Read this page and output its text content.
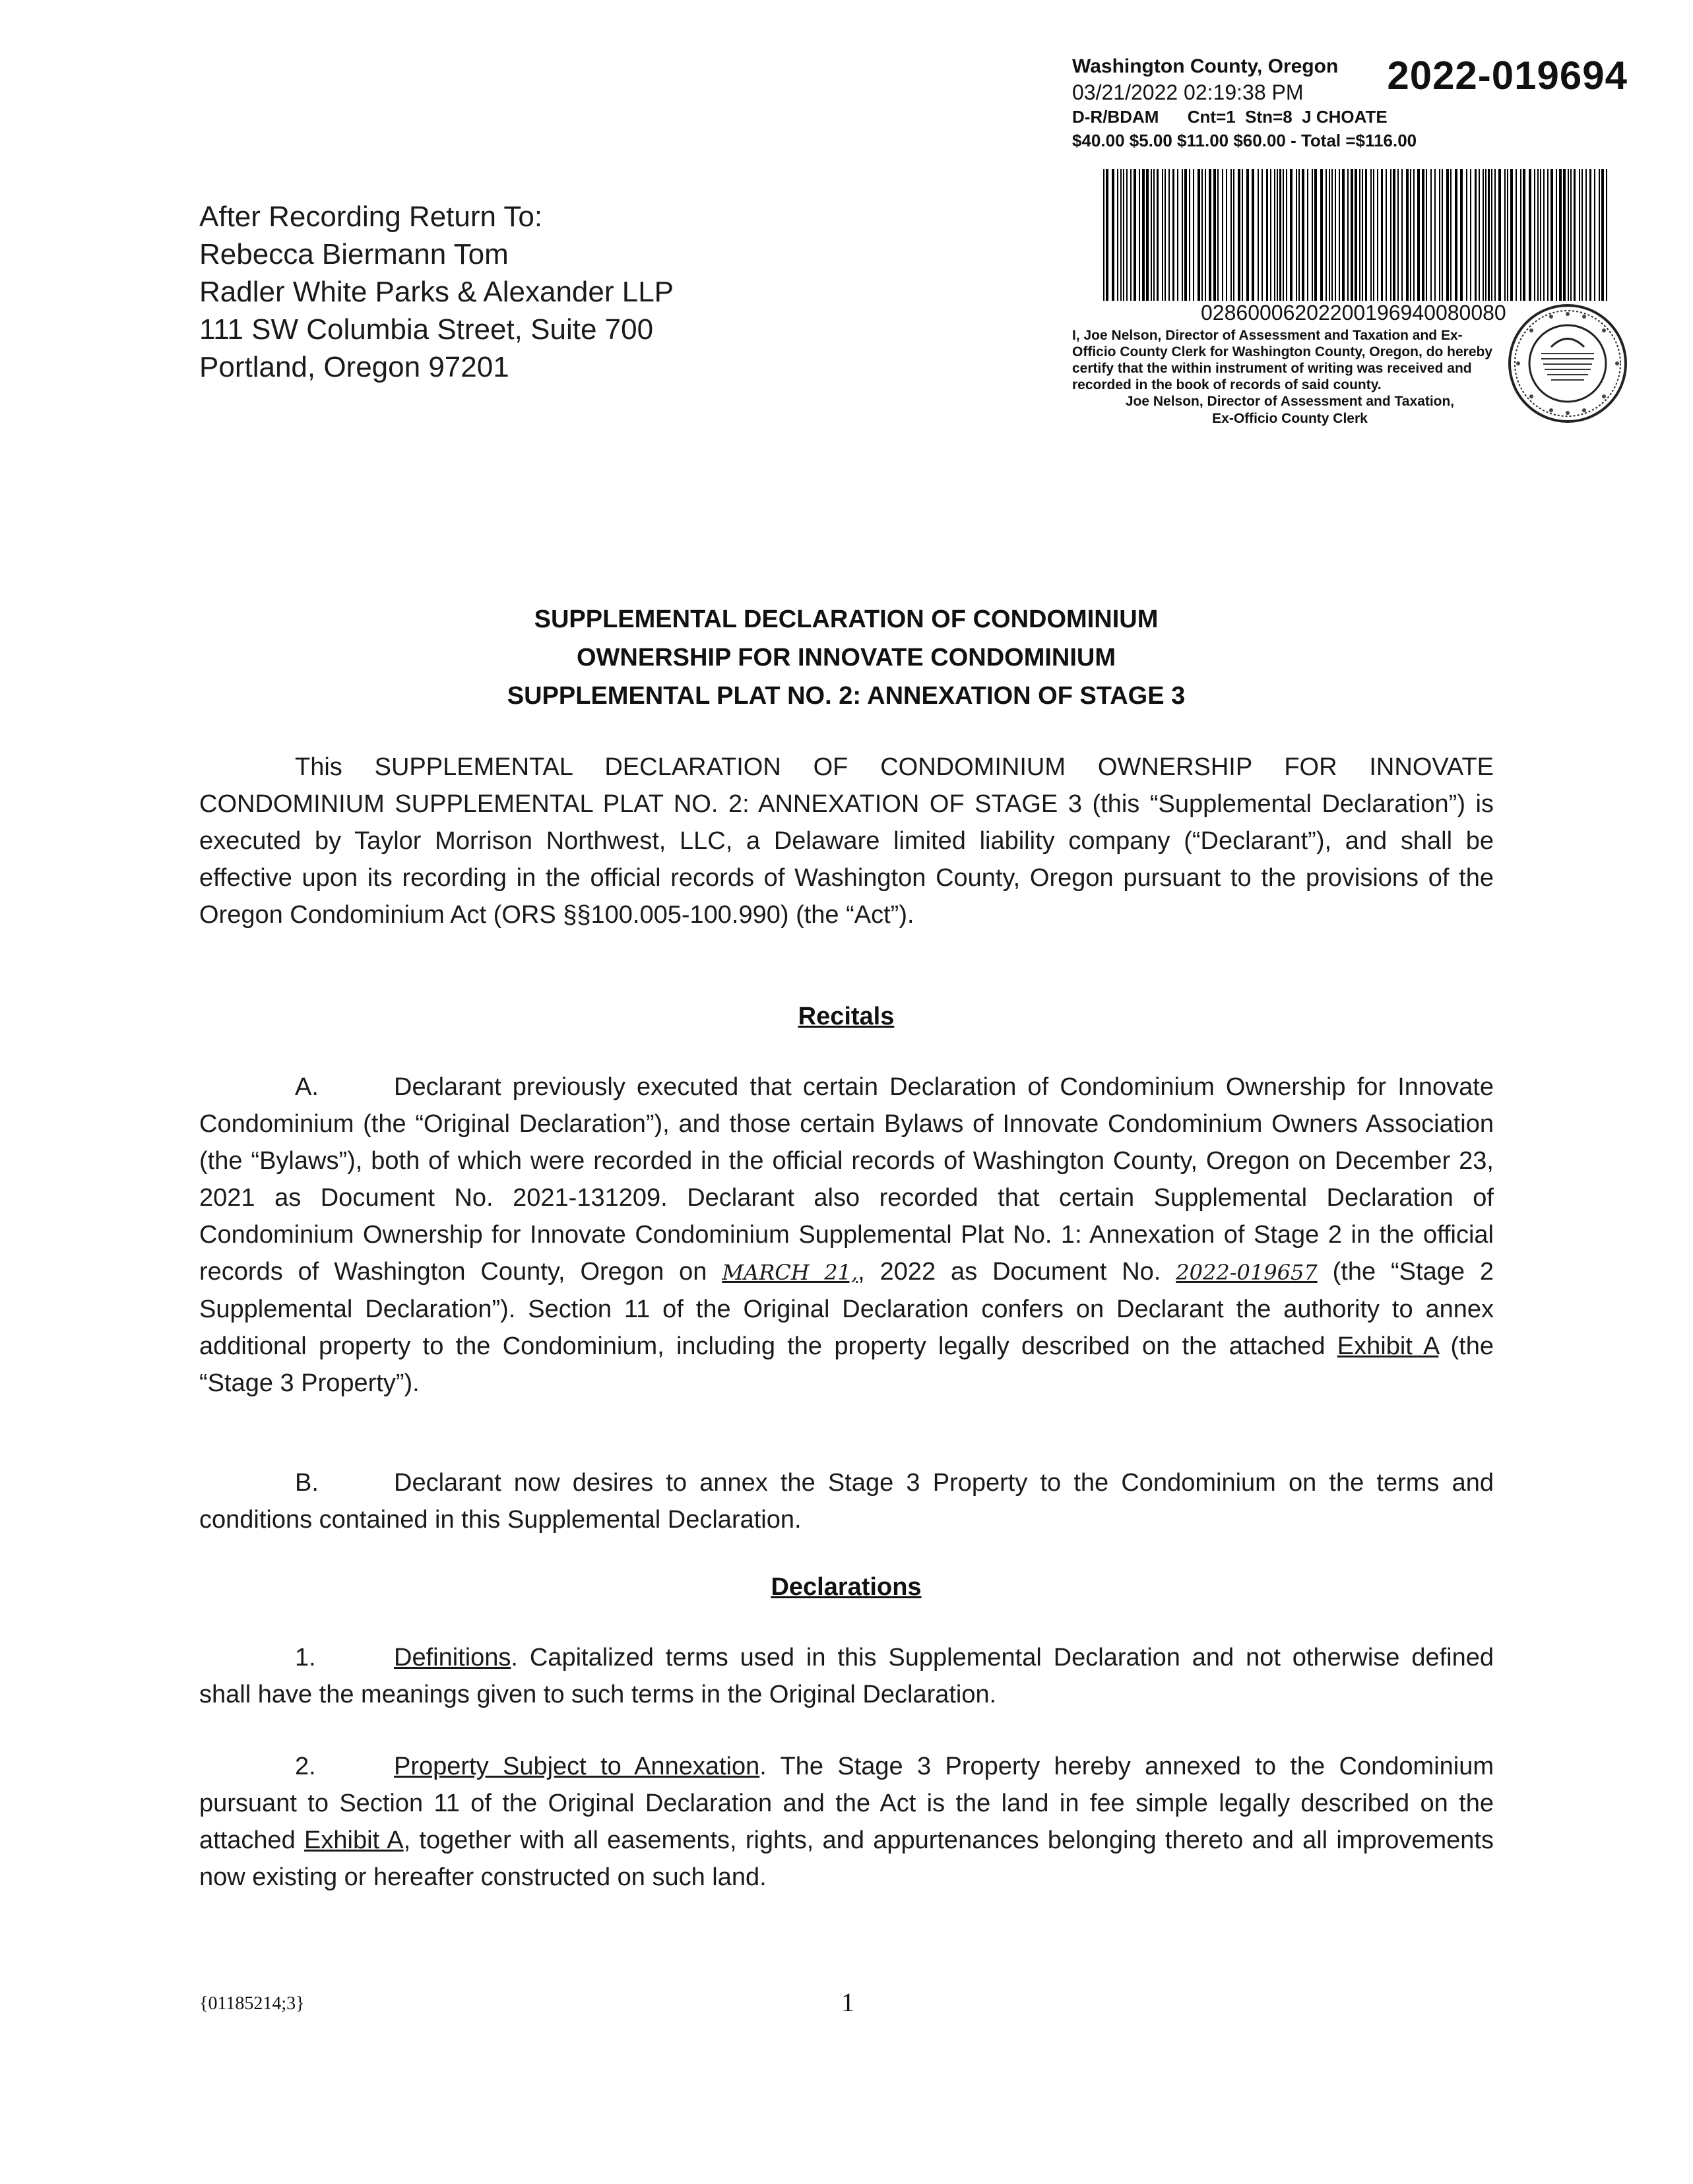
Washington County, Oregon 2022-019694
03/21/2022 02:19:38 PM
D-R/BDAM      Cnt=1  Stn=8  J CHOATE
$40.00 $5.00 $11.00 $60.00 - Total =$116.00
02860006202200196940080080
I, Joe Nelson, Director of Assessment and Taxation and Ex-Officio County Clerk for Washington County, Oregon, do hereby certify that the within instrument of writing was received and recorded in the book of records of said county.
Joe Nelson, Director of Assessment and Taxation,
Ex-Officio County Clerk
After Recording Return To:
Rebecca Biermann Tom
Radler White Parks & Alexander LLP
111 SW Columbia Street, Suite 700
Portland, Oregon 97201
SUPPLEMENTAL DECLARATION OF CONDOMINIUM
OWNERSHIP FOR INNOVATE CONDOMINIUM
SUPPLEMENTAL PLAT NO. 2: ANNEXATION OF STAGE 3
This SUPPLEMENTAL DECLARATION OF CONDOMINIUM OWNERSHIP FOR INNOVATE CONDOMINIUM SUPPLEMENTAL PLAT NO. 2: ANNEXATION OF STAGE 3 (this “Supplemental Declaration”) is executed by Taylor Morrison Northwest, LLC, a Delaware limited liability company (“Declarant”), and shall be effective upon its recording in the official records of Washington County, Oregon pursuant to the provisions of the Oregon Condominium Act (ORS §§100.005-100.990) (the “Act”).
Recitals
A.	Declarant previously executed that certain Declaration of Condominium Ownership for Innovate Condominium (the “Original Declaration”), and those certain Bylaws of Innovate Condominium Owners Association (the “Bylaws”), both of which were recorded in the official records of Washington County, Oregon on December 23, 2021 as Document No. 2021-131209. Declarant also recorded that certain Supplemental Declaration of Condominium Ownership for Innovate Condominium Supplemental Plat No. 1: Annexation of Stage 2 in the official records of Washington County, Oregon on MARCH 21,, 2022 as Document No. 2022-019657 (the “Stage 2 Supplemental Declaration”). Section 11 of the Original Declaration confers on Declarant the authority to annex additional property to the Condominium, including the property legally described on the attached Exhibit A (the “Stage 3 Property”).
B.	Declarant now desires to annex the Stage 3 Property to the Condominium on the terms and conditions contained in this Supplemental Declaration.
Declarations
1.	Definitions. Capitalized terms used in this Supplemental Declaration and not otherwise defined shall have the meanings given to such terms in the Original Declaration.
2.	Property Subject to Annexation. The Stage 3 Property hereby annexed to the Condominium pursuant to Section 11 of the Original Declaration and the Act is the land in fee simple legally described on the attached Exhibit A, together with all easements, rights, and appurtenances belonging thereto and all improvements now existing or hereafter constructed on such land.
{01185214;3}	1
